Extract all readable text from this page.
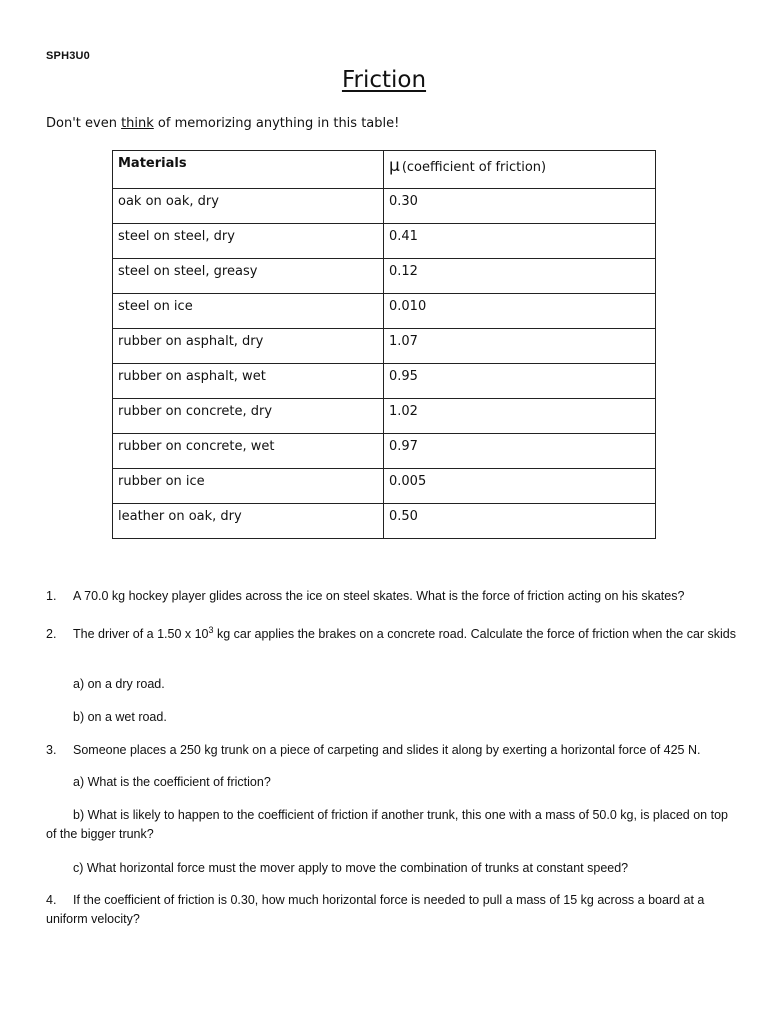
SPH3U0
Friction
Don't even think of memorizing anything in this table!
Materials	μ (coefficient of friction)
oak on oak, dry	0.30
steel on steel, dry	0.41
steel on steel, greasy	0.12
steel on ice	0.010
rubber on asphalt, dry	1.07
rubber on asphalt, wet	0.95
rubber on concrete, dry	1.02
rubber on concrete, wet	0.97
rubber on ice	0.005
leather on oak, dry	0.50
1. A 70.0 kg hockey player glides across the ice on steel skates. What is the force of friction acting on his skates?
2. The driver of a 1.50 x $10^3$ kg car applies the brakes on a concrete road. Calculate the force of friction when the car skids
a) on a dry road.
b) on a wet road.
3. Someone places a 250 kg trunk on a piece of carpeting and slides it along by exerting a horizontal force of 425 N.
a) What is the coefficient of friction?
b) What is likely to happen to the coefficient of friction if another trunk, this one with a mass of 50.0 kg, is placed on top of the bigger trunk?
c) What horizontal force must the mover apply to move the combination of trunks at constant speed?
4. If the coefficient of friction is 0.30, how much horizontal force is needed to pull a mass of 15 kg across a board at a uniform velocity?
